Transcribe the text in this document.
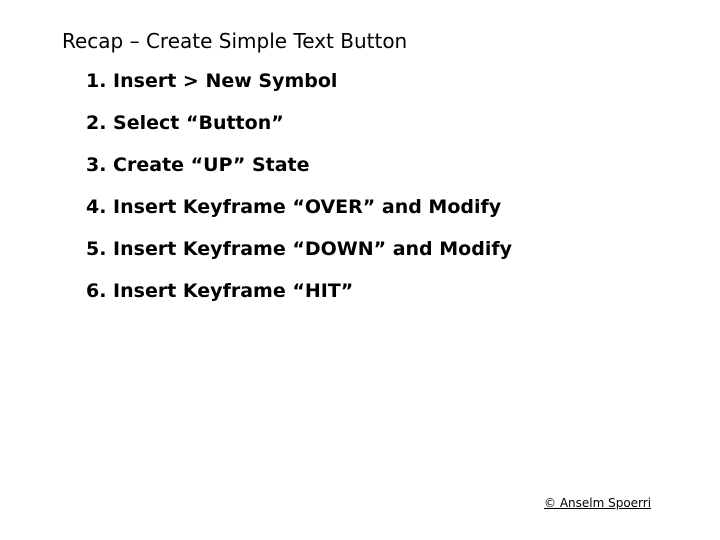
Recap – Create Simple Text Button
1. Insert > New Symbol
2. Select “Button”
3. Create “UP” State
4. Insert Keyframe “OVER” and Modify
5. Insert Keyframe “DOWN” and Modify
6. Insert Keyframe “HIT”
© Anselm Spoerri
